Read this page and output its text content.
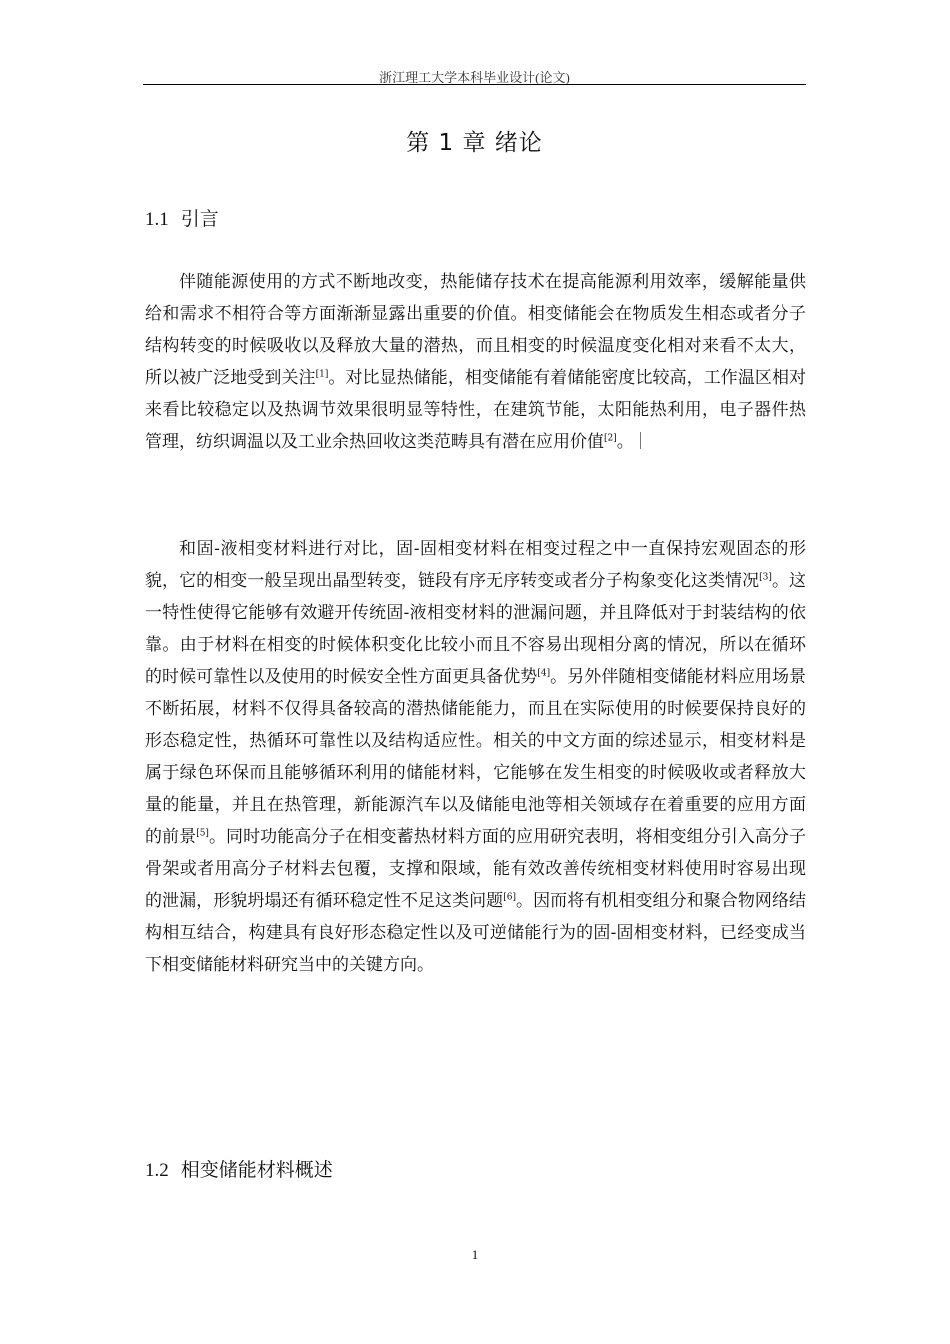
浙江理工大学本科毕业设计(论文)
第 1 章 绪论
1.1 引言

伴随能源使用的方式不断地改变，热能储存技术在提高能源利用效率，缓解能量供给和需求不相符合等方面渐渐显露出重要的价值。相变储能会在物质发生相态或者分子结构转变的时候吸收以及释放大量的潜热，而且相变的时候温度变化相对来看不太大，所以被广泛地受到关注[1]。对比显热储能，相变储能有着储能密度比较高，工作温区相对来看比较稳定以及热调节效果很明显等特性，在建筑节能，太阳能热利用，电子器件热管理，纺织调温以及工业余热回收这类范畴具有潜在应用价值[2]。

和固-液相变材料进行对比，固-固相变材料在相变过程之中一直保持宏观固态的形貌，它的相变一般呈现出晶型转变，链段有序无序转变或者分子构象变化这类情况[3]。这一特性使得它能够有效避开传统固-液相变材料的泄漏问题，并且降低对于封装结构的依靠。由于材料在相变的时候体积变化比较小而且不容易出现相分离的情况，所以在循环的时候可靠性以及使用的时候安全性方面更具备优势[4]。另外伴随相变储能材料应用场景不断拓展，材料不仅得具备较高的潜热储能能力，而且在实际使用的时候要保持良好的形态稳定性，热循环可靠性以及结构适应性。相关的中文方面的综述显示，相变材料是属于绿色环保而且能够循环利用的储能材料，它能够在发生相变的时候吸收或者释放大量的能量，并且在热管理，新能源汽车以及储能电池等相关领域存在着重要的应用方面的前景[5]。同时功能高分子在相变蓄热材料方面的应用研究表明，将相变组分引入高分子骨架或者用高分子材料去包覆，支撑和限域，能有效改善传统相变材料使用时容易出现的泄漏，形貌坍塌还有循环稳定性不足这类问题[6]。因而将有机相变组分和聚合物网络结构相互结合，构建具有良好形态稳定性以及可逆储能行为的固-固相变材料，已经变成当下相变储能材料研究当中的关键方向。

1.2 相变储能材料概述
1
